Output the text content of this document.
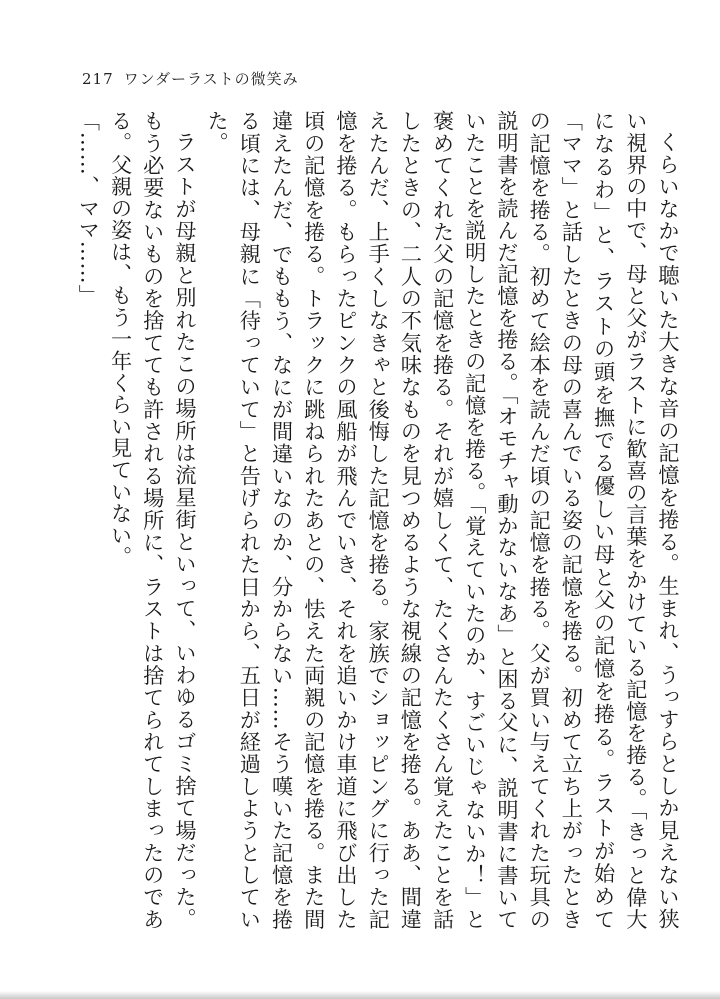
217 ワンダーラストの微笑み

くらいなかで聴いた大きな音の記憶を捲る。生まれ、うっすらとしか見えない狭い視界の中で、母と父がラストに歓喜の言葉をかけている記憶を捲る。「きっと偉大になるわ」と、ラストの頭を撫でる優しい母と父の記憶を捲る。ラストが始めて「ママ」と話したときの母の喜んでいる姿の記憶を捲る。初めて立ち上がったときの記憶を捲る。初めて絵本を読んだ頃の記憶を捲る。父が買い与えてくれた玩具の説明書を読んだ記憶を捲る。「オモチャ動かないなあ」と困る父に、説明書に書いていたことを説明したときの記憶を捲る。「覚えていたのか、すごいじゃないか！」と褒めてくれた父の記憶を捲る。それが嬉しくて、たくさんたくさん覚えたことを話したときの、二人の不気味なものを見つめるような視線の記憶を捲る。ああ、間違えたんだ、上手くしなきゃと後悔した記憶を捲る。家族でショッピングに行った記憶を捲る。もらったピンクの風船が飛んでいき、それを追いかけ車道に飛び出した頃の記憶を捲る。トラックに跳ねられたあとの、怯えた両親の記憶を捲る。また間違えたんだ、でももう、なにが間違いなのか、分からない……そう嘆いた記憶を捲る頃には、母親に「待っていて」と告げられた日から、五日が経過しようとしていた。

ラストが母親と別れたこの場所は流星街といって、いわゆるゴミ捨て場だった。もう必要ないものを捨てても許される場所に、ラストは捨てられてしまったのである。父親の姿は、もう一年くらい見ていない。

「……、ママ……」
